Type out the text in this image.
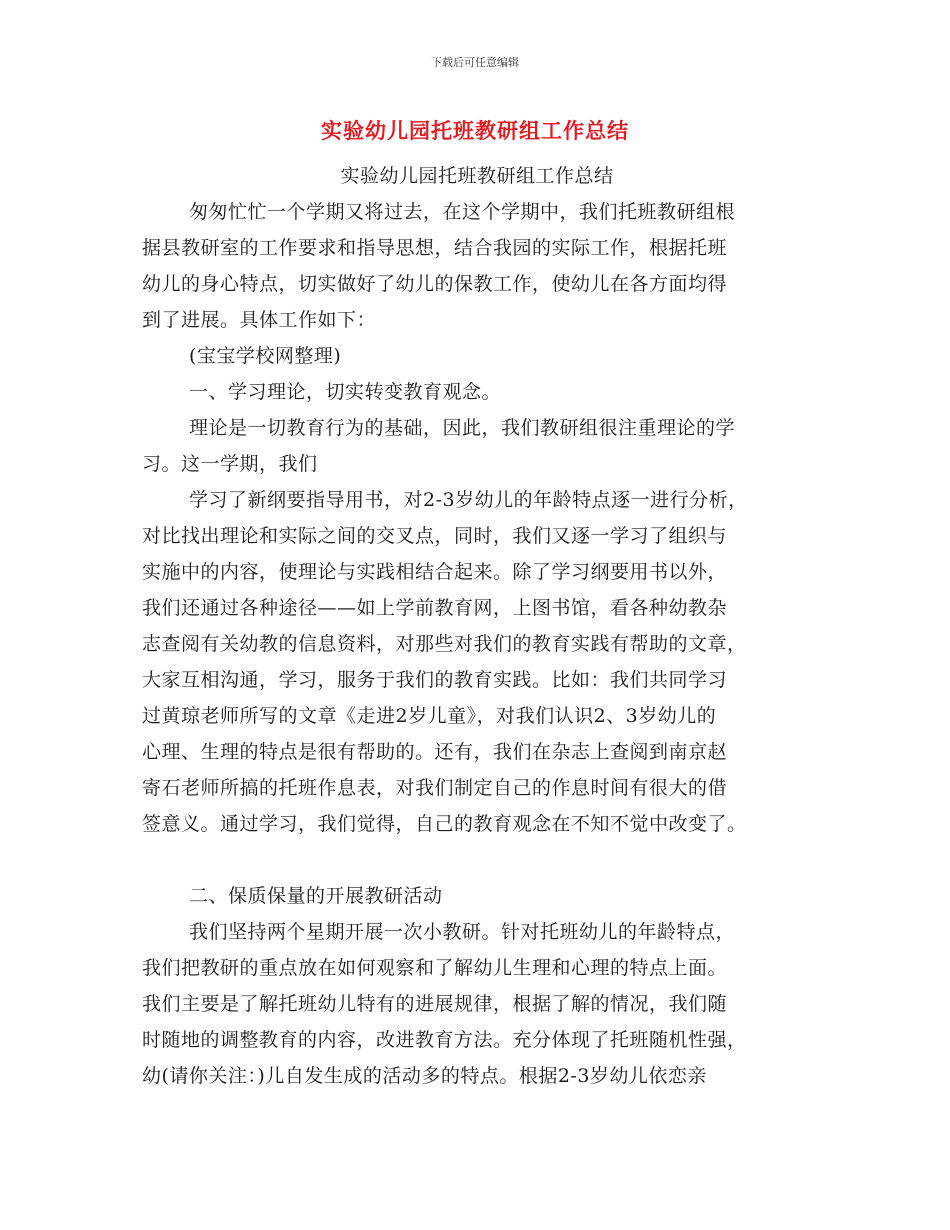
下载后可任意编辑
实验幼儿园托班教研组工作总结

实验幼儿园托班教研组工作总结

匆匆忙忙一个学期又将过去，在这个学期中，我们托班教研组根

据县教研室的工作要求和指导思想，结合我园的实际工作，根据托班

幼儿的身心特点，切实做好了幼儿的保教工作，使幼儿在各方面均得

到了进展。具体工作如下：

(宝宝学校网整理)

一、学习理论，切实转变教育观念。

理论是一切教育行为的基础，因此，我们教研组很注重理论的学

习。这一学期，我们

学习了新纲要指导用书，对2-3岁幼儿的年龄特点逐一进行分析，

对比找出理论和实际之间的交叉点，同时，我们又逐一学习了组织与

实施中的内容，使理论与实践相结合起来。除了学习纲要用书以外，

我们还通过各种途径——如上学前教育网，上图书馆，看各种幼教杂

志查阅有关幼教的信息资料，对那些对我们的教育实践有帮助的文章，

大家互相沟通，学习，服务于我们的教育实践。比如：我们共同学习

过黄琼老师所写的文章《走进2岁儿童》，对我们认识2、3岁幼儿的

心理、生理的特点是很有帮助的。还有，我们在杂志上查阅到南京赵

寄石老师所搞的托班作息表，对我们制定自己的作息时间有很大的借

签意义。通过学习，我们觉得，自己的教育观念在不知不觉中改变了。

二、保质保量的开展教研活动

我们坚持两个星期开展一次小教研。针对托班幼儿的年龄特点，

我们把教研的重点放在如何观察和了解幼儿生理和心理的特点上面。

我们主要是了解托班幼儿特有的进展规律，根据了解的情况，我们随

时随地的调整教育的内容，改进教育方法。充分体现了托班随机性强，

幼(请你关注：)儿自发生成的活动多的特点。根据2-3岁幼儿依恋亲
